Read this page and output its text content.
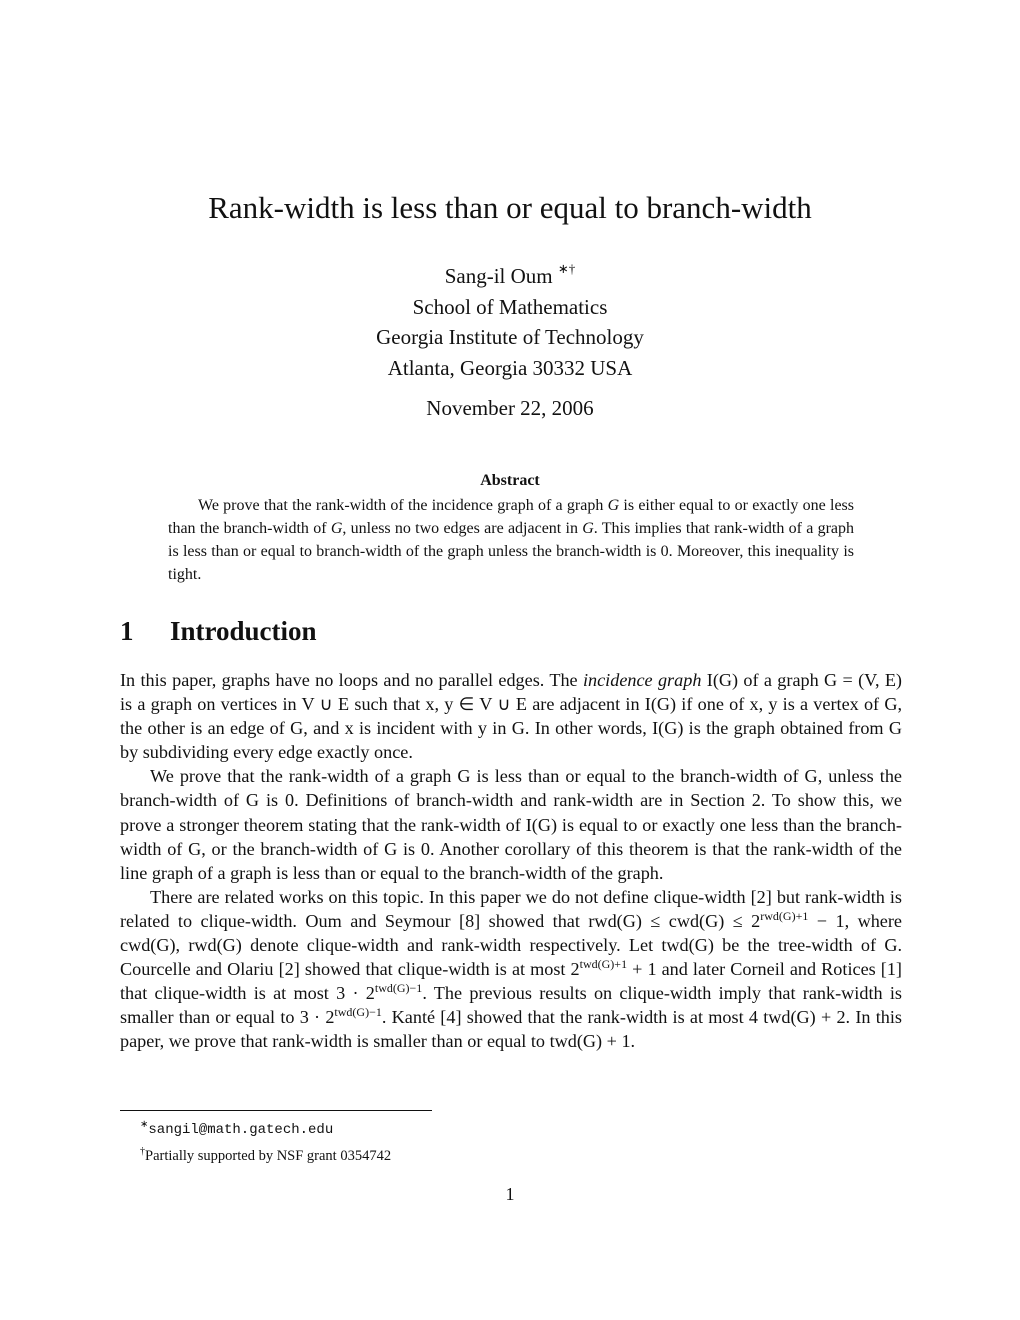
Rank-width is less than or equal to branch-width
Sang-il Oum ∗†
School of Mathematics
Georgia Institute of Technology
Atlanta, Georgia 30332 USA
November 22, 2006
Abstract

We prove that the rank-width of the incidence graph of a graph G is either equal to or exactly one less than the branch-width of G, unless no two edges are adjacent in G. This implies that rank-width of a graph is less than or equal to branch-width of the graph unless the branch-width is 0. Moreover, this inequality is tight.

1 Introduction

In this paper, graphs have no loops and no parallel edges. The incidence graph I(G) of a graph G = (V, E) is a graph on vertices in V ∪ E such that x, y ∈ V ∪ E are adjacent in I(G) if one of x, y is a vertex of G, the other is an edge of G, and x is incident with y in G. In other words, I(G) is the graph obtained from G by subdividing every edge exactly once.

We prove that the rank-width of a graph G is less than or equal to the branch-width of G, unless the branch-width of G is 0. Definitions of branch-width and rank-width are in Section 2. To show this, we prove a stronger theorem stating that the rank-width of I(G) is equal to or exactly one less than the branch-width of G, or the branch-width of G is 0. Another corollary of this theorem is that the rank-width of the line graph of a graph is less than or equal to the branch-width of the graph.

There are related works on this topic. In this paper we do not define clique-width [2] but rank-width is related to clique-width. Oum and Seymour [8] showed that $rwd(G) \le cwd(G) \le 2^{rwd(G)+1} - 1$, where cwd(G), rwd(G) denote clique-width and rank-width respectively. Let twd(G) be the tree-width of G. Courcelle and Olariu [2] showed that clique-width is at most $2^{twd(G)+1} + 1$ and later Corneil and Rotices [1] that clique-width is at most $3 \cdot 2^{twd(G)-1}$. The previous results on clique-width imply that rank-width is smaller than or equal to $3 \cdot 2^{twd(G)-1}$. Kanté [4] showed that the rank-width is at most 4 twd(G) + 2. In this paper, we prove that rank-width is smaller than or equal to twd(G) + 1.

∗sangil@math.gatech.edu
†Partially supported by NSF grant 0354742
1
